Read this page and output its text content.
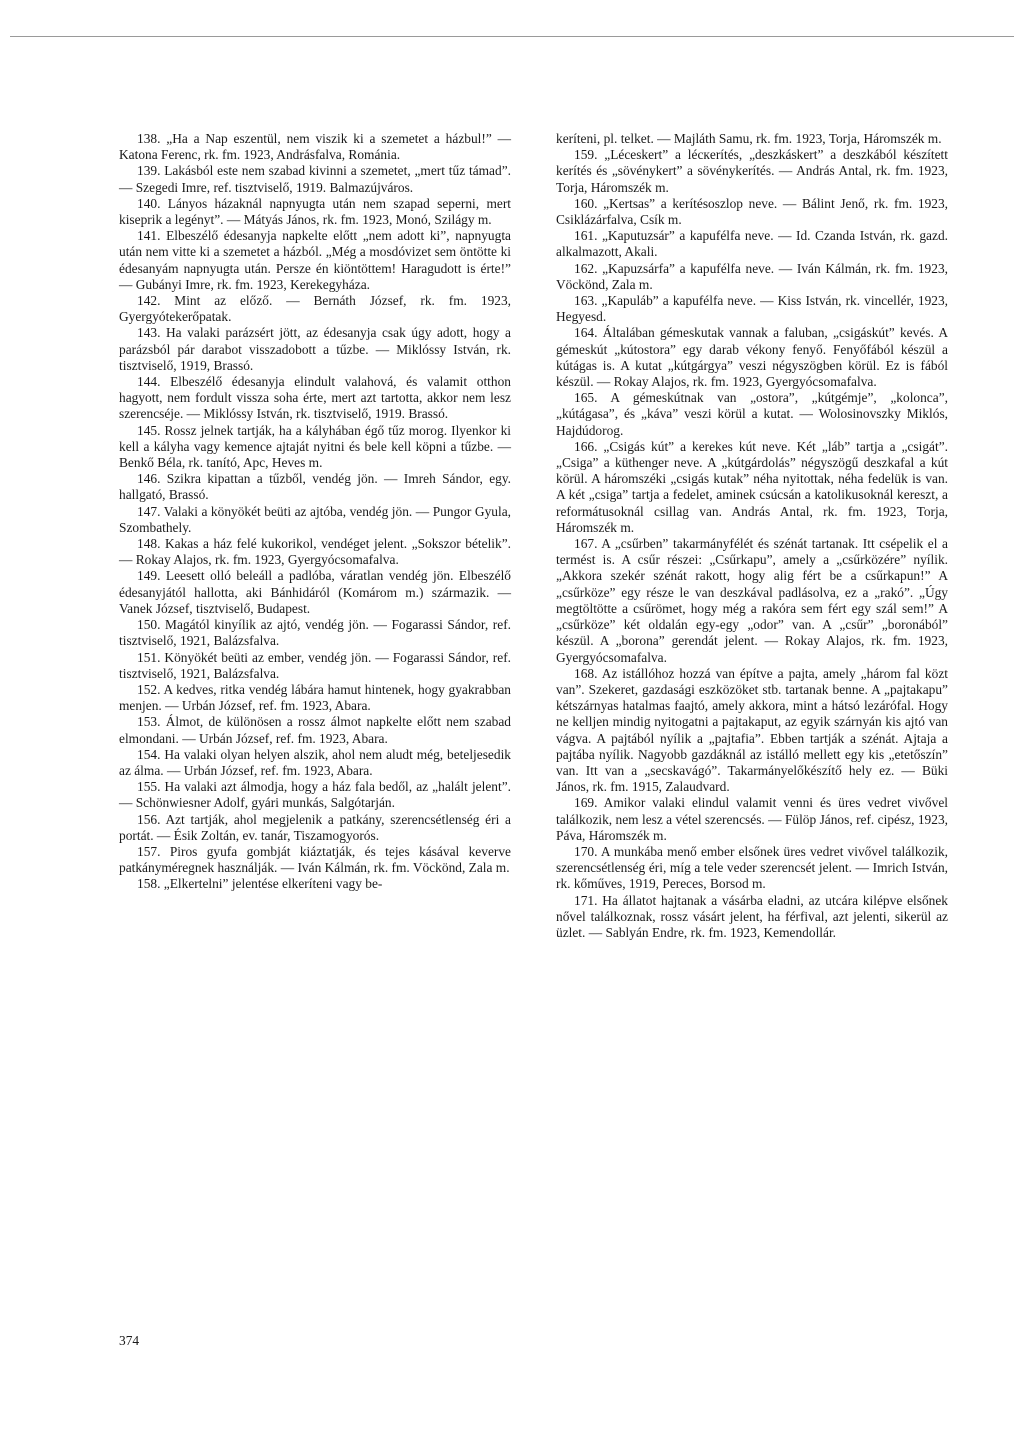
138. „Ha a Nap eszentül, nem viszik ki a szemetet a házbul!” — Katona Ferenc, rk. fm. 1923, Andrásfalva, Románia.

139. Lakásból este nem szabad kivinni a szemetet, „mert tűz támad”. — Szegedi Imre, ref. tisztviselő, 1919. Balmazújváros.

140. Lányos házaknál napnyugta után nem szapad seperni, mert kiseprik a legényt”. — Mátyás János, rk. fm. 1923, Monó, Szilágy m.

141. Elbeszélő édesanyja napkelte előtt „nem adott ki”, napnyugta után nem vitte ki a szemetet a házból. „Még a mosdóvizet sem öntötte ki édesanyám napnyugta után. Persze én kiöntöttem! Haragudott is érte!” — Gubányi Imre, rk. fm. 1923, Kerekegyháza.

142. Mint az előző. — Bernáth József, rk. fm. 1923, Gyergyótekerőpatak.

143. Ha valaki parázsért jött, az édesanyja csak úgy adott, hogy a parázsból pár darabot visszadobott a tűzbe. — Miklóssy István, rk. tisztviselő, 1919, Brassó.

144. Elbeszélő édesanyja elindult valahová, és valamit otthon hagyott, nem fordult vissza soha érte, mert azt tartotta, akkor nem lesz szerencséje. — Miklóssy István, rk. tisztviselő, 1919. Brassó.

145. Rossz jelnek tartják, ha a kályhában égő tűz morog. Ilyenkor ki kell a kályha vagy kemence ajtaját nyitni és bele kell köpni a tűzbe. — Benkő Béla, rk. tanító, Apc, Heves m.

146. Szikra kipattan a tűzből, vendég jön. — Imreh Sándor, egy. hallgató, Brassó.

147. Valaki a könyökét beüti az ajtóba, vendég jön. — Pungor Gyula, Szombathely.

148. Kakas a ház felé kukorikol, vendéget jelent. „Sokszor bételik”. — Rokay Alajos, rk. fm. 1923, Gyergyócsomafalva.

149. Leesett olló beleáll a padlóba, váratlan vendég jön. Elbeszélő édesanyjától hallotta, aki Bánhidáról (Komárom m.) származik. — Vanek József, tisztviselő, Budapest.

150. Magától kinyílik az ajtó, vendég jön. — Fogarassi Sándor, ref. tisztviselő, 1921, Balázsfalva.

151. Könyökét beüti az ember, vendég jön. — Fogarassi Sándor, ref. tisztviselő, 1921, Balázsfalva.

152. A kedves, ritka vendég lábára hamut hintenek, hogy gyakrabban menjen. — Urbán József, ref. fm. 1923, Abara.

153. Álmot, de különösen a rossz álmot napkelte előtt nem szabad elmondani. — Urbán József, ref. fm. 1923, Abara.

154. Ha valaki olyan helyen alszik, ahol nem aludt még, beteljesedik az álma. — Urbán József, ref. fm. 1923, Abara.

155. Ha valaki azt álmodja, hogy a ház fala bedől, az „halált jelent”. — Schönwiesner Adolf, gyári munkás, Salgótarján.

156. Azt tartják, ahol megjelenik a patkány, szerencsétlenség éri a portát. — Ésik Zoltán, ev. tanár, Tiszamogyorós.

157. Piros gyufa gombját kiáztatják, és tejes kásával keverve patkányméregnek használják. — Iván Kálmán, rk. fm. Vöckönd, Zala m.

158. „Elkertelni” jelentése elkeríteni vagy be-

keríteni, pl. telket. — Majláth Samu, rk. fm. 1923, Torja, Háromszék m.

159. „Léceskert” a lécкerítés, „deszkáskert” a deszkából készített kerítés és „sövénykert” a sövénykerítés. — András Antal, rk. fm. 1923, Torja, Háromszék m.

160. „Kertsas” a kerítésoszlop neve. — Bálint Jenő, rk. fm. 1923, Csiklázárfalva, Csík m.

161. „Kaputuzsár” a kapufélfa neve. — Id. Czanda István, rk. gazd. alkalmazott, Akali.

162. „Kapuzsárfa” a kapufélfa neve. — Iván Kálmán, rk. fm. 1923, Vöckönd, Zala m.

163. „Kapuláb” a kapufélfa neve. — Kiss István, rk. vincellér, 1923, Hegyesd.

164. Általában gémeskutak vannak a faluban, „csigáskút” kevés. A gémeskút „kútostora” egy darab vékony fenyő. Fenyőfából készül a kútágas is. A kutat „kútgárgya” veszi négyszögben körül. Ez is fából készül. — Rokay Alajos, rk. fm. 1923, Gyergyócsomafalva.

165. A gémeskútnak van „ostora”, „kútgémje”, „kolonca”, „kútágasa”, és „káva” veszi körül a kutat. — Wolosinovszky Miklós, Hajdúdorog.

166. „Csigás kút” a kerekes kút neve. Két „láb” tartja a „csigát”. „Csiga” a küthenger neve. A „kútgárdolás” négyszögű deszkafal a kút körül. A háromszéki „csigás kutak” néha nyitottak, néha fedelük is van. A két „csiga” tartja a fedelet, aminek csúcsán a katolikusoknál kereszt, a reformátusoknál csillag van. András Antal, rk. fm. 1923, Torja, Háromszék m.

167. A „csűrben” takarmányfélét és szénát tartanak. Itt csépelik el a termést is. A csűr részei: „Csűrkapu”, amely a „csűrközére” nyílik. „Akkora szekér szénát rakott, hogy alig fért be a csűrkapun!” A „csűrköze” egy része le van deszkával padlásolva, ez a „rakó”. „Úgy megtöltötte a csűrömet, hogy még a rakóra sem fért egy szál sem!” A „csűrköze” két oldalán egy-egy „odor” van. A „csűr” „boronából” készül. A „borona” gerendát jelent. — Rokay Alajos, rk. fm. 1923, Gyergyócsomafalva.

168. Az istállóhoz hozzá van építve a pajta, amely „három fal közt van”. Szekeret, gazdasági eszközöket stb. tartanak benne. A „pajtakapu” kétszárnyas hatalmas faajtó, amely akkora, mint a hátsó lezárófal. Hogy ne kelljen mindig nyitogatni a pajtakaput, az egyik szárnyán kis ajtó van vágva. A pajtából nyílik a „pajtafia”. Ebben tartják a szénát. Ajtaja a pajtába nyílik. Nagyobb gazdáknál az istálló mellett egy kis „etetőszín” van. Itt van a „secskavágó”. Takarmányelőkészítő hely ez. — Büki János, rk. fm. 1915, Zalaudvard.

169. Amikor valaki elindul valamit venni és üres vedret vivővel találkozik, nem lesz a vétel szerencsés. — Fülöp János, ref. cipész, 1923, Páva, Háromszék m.

170. A munkába menő ember elsőnek üres vedret vivővel találkozik, szerencsétlenség éri, míg a tele veder szerencsét jelent. — Imrich István, rk. kőműves, 1919, Pereces, Borsod m.

171. Ha állatot hajtanak a vásárba eladni, az utcára kilépve elsőnek nővel találkoznak, rossz vásárt jelent, ha férfival, azt jelenti, sikerül az üzlet. — Sablyán Endre, rk. fm. 1923, Kemendollár.

374
